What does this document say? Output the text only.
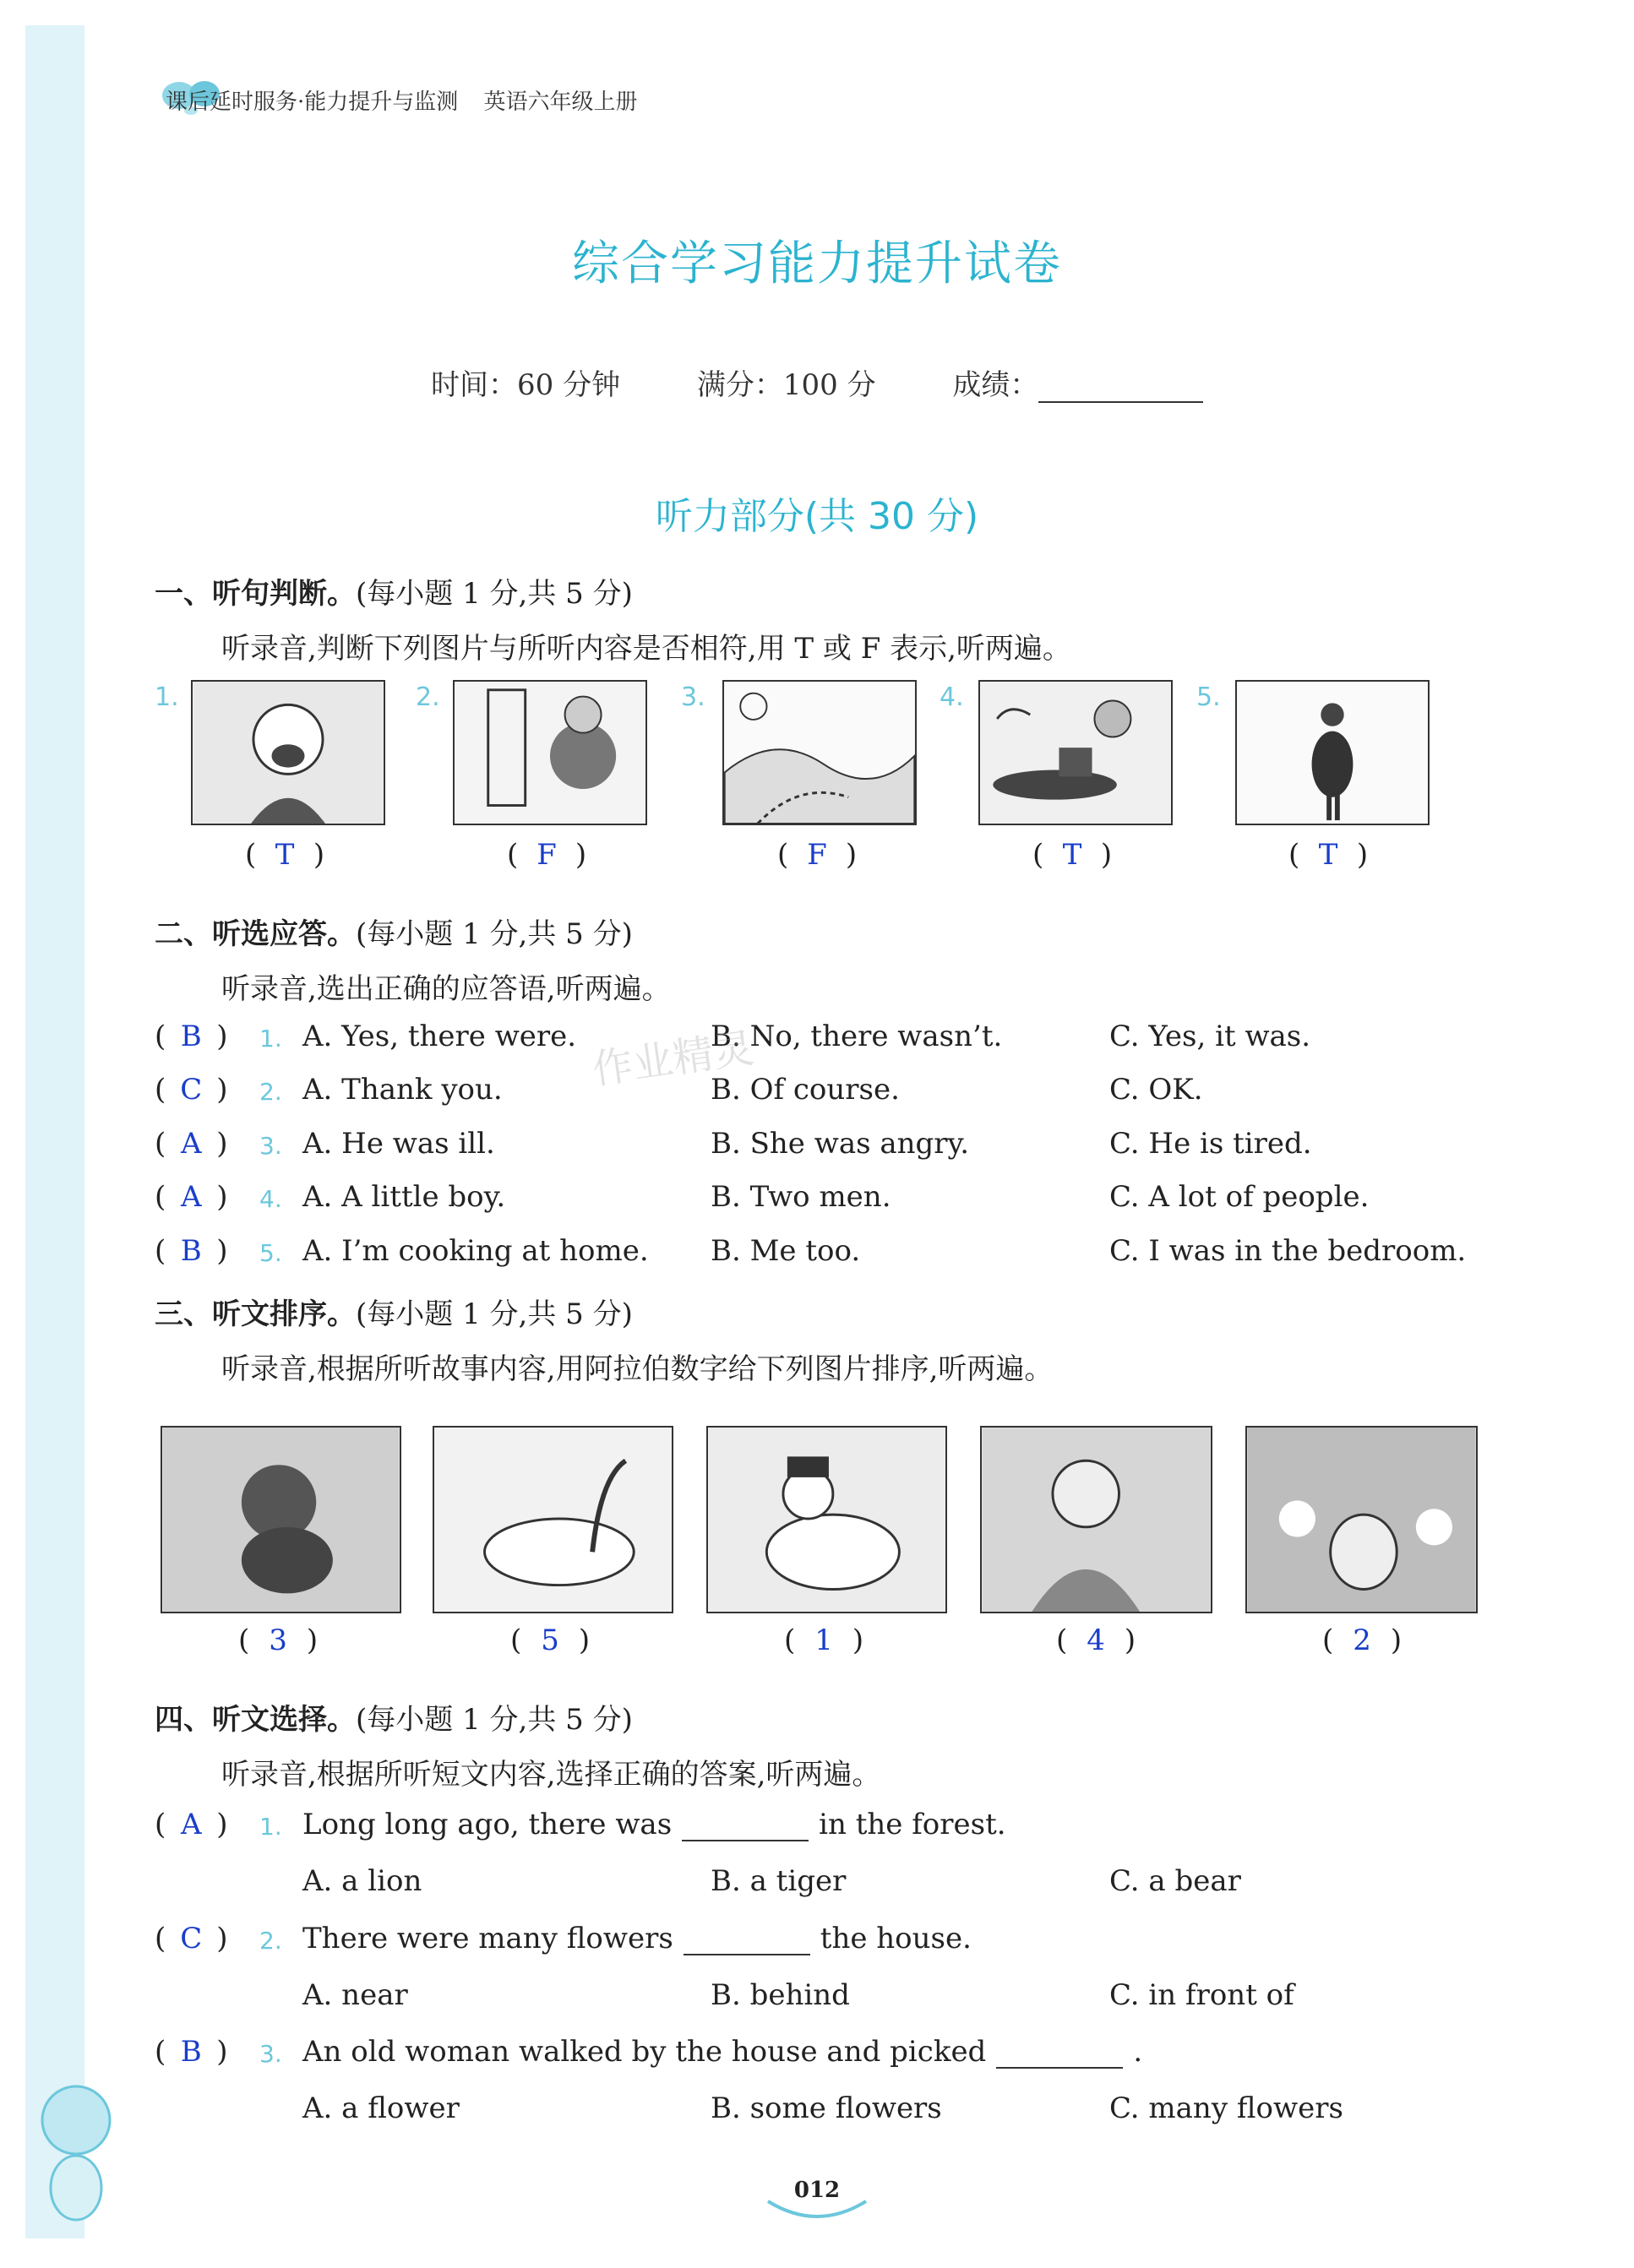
课后延时服务·能力提升与监测 英语六年级上册
综合学习能力提升试卷
时间：60 分钟	满分：100 分	成绩：
听力部分(共 30 分)
一、听句判断。(每小题 1 分,共 5 分)
听录音,判断下列图片与所听内容是否相符,用 T 或 F 表示,听两遍。
1.
( T )
2.
( F )
3.
( F )
4.
( T )
5.
( T )
二、听选应答。(每小题 1 分,共 5 分)
听录音,选出正确的应答语,听两遍。
( B ) 1. A. Yes, there were.	B. No, there wasn’t.	C. Yes, it was.
( C ) 2. A. Thank you.	B. Of course.	C. OK.
( A ) 3. A. He was ill.	B. She was angry.	C. He is tired.
( A ) 4. A. A little boy.	B. Two men.	C. A lot of people.
( B ) 5. A. I’m cooking at home. B. Me too.	C. I was in the bedroom.
作业精灵
三、听文排序。(每小题 1 分,共 5 分)
听录音,根据所听故事内容,用阿拉伯数字给下列图片排序,听两遍。
( 3 )	( 5 )	( 1 )	( 4 )	( 2 )
四、听文选择。(每小题 1 分,共 5 分)
听录音,根据所听短文内容,选择正确的答案,听两遍。
( A ) 1. Long long ago, there was	in the forest.
A. a lion	B. a tiger	C. a bear
( C ) 2. There were many flowers	the house.
A. near	B. behind	C. in front of
( B ) 3. An old woman walked by the house and picked	.
A. a flower	B. some flowers	C. many flowers
012
